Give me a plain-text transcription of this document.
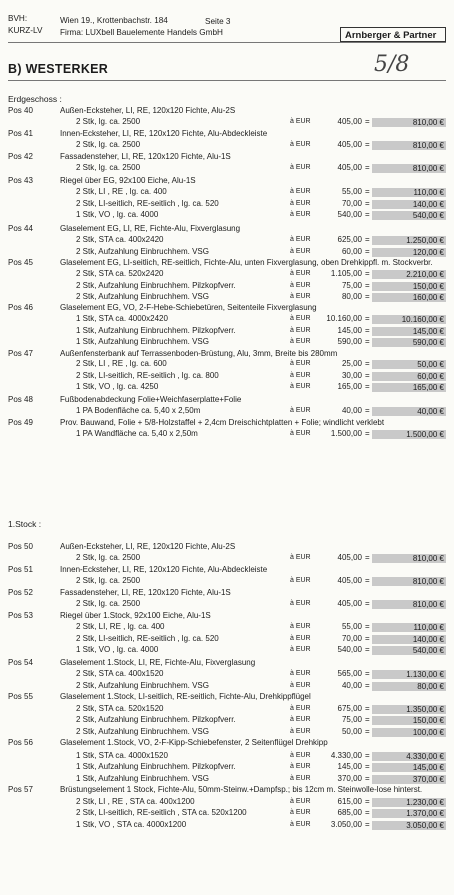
BVH:	Wien 19., Krottenbachstr. 184	Seite 3
KURZ-LV Firma: LUXbell Bauelemente Handels GmbH	Arnberger & Partner
B) WESTERKER	5/8
Erdgeschoss :
1.Stock :
Pos 40	Außen-Ecksteher, LI, RE, 120x120 Fichte, Alu-2S
2 Stk, lg. ca. 2500	à EUR	405,00 =	810,00 €
Pos 41	Innen-Ecksteher, LI, RE, 120x120 Fichte, Alu-Abdeckleiste
2 Stk, lg. ca. 2500	à EUR	405,00 =	810,00 €
Pos 42	Fassadensteher, LI, RE, 120x120 Fichte, Alu-1S
2 Stk, lg. ca. 2500	à EUR	405,00 =	810,00 €
Pos 43	Riegel über EG, 92x100 Eiche, Alu-1S
2 Stk, LI , RE , lg. ca. 400	à EUR	55,00 =	110,00 €
2 Stk, LI-seitlich, RE-seitlich , lg. ca. 520	à EUR	70,00 =	140,00 €
1 Stk, VO , lg. ca. 4000	à EUR	540,00 =	540,00 €
Pos 44	Glaselement EG, LI, RE, Fichte-Alu, Fixverglasung
2 Stk, STA ca. 400x2420	à EUR	625,00 =	1.250,00 €
2 Stk, Aufzahlung Einbruchhem. VSG	à EUR	60,00 =	120,00 €
Pos 45	Glaselement EG, LI-seitlich, RE-seitlich, Fichte-Alu, unten Fixverglasung, oben Drehkippfl. m. Stockverbr.
2 Stk, STA ca. 520x2420	à EUR	1.105,00 =	2.210,00 €
2 Stk, Aufzahlung Einbruchhem. Pilzkopfverr.	à EUR	75,00 =	150,00 €
2 Stk, Aufzahlung Einbruchhem. VSG	à EUR	80,00 =	160,00 €
Pos 46	Glaselement EG, VO, 2-F-Hebe-Schiebetüren, Seitenteile Fixverglasung
1 Stk, STA ca. 4000x2420	à EUR	10.160,00 =	10.160,00 €
1 Stk, Aufzahlung Einbruchhem. Pilzkopfverr.	à EUR	145,00 =	145,00 €
1 Stk, Aufzahlung Einbruchhem. VSG	à EUR	590,00 =	590,00 €
Pos 47	Außenfensterbank auf Terrassenboden-Brüstung, Alu, 3mm, Breite bis 280mm
2 Stk, LI , RE , lg. ca. 600	à EUR	25,00 =	50,00 €
2 Stk, LI-seitlich, RE-seitlich , lg. ca. 800	à EUR	30,00 =	60,00 €
1 Stk, VO , lg. ca. 4250	à EUR	165,00 =	165,00 €
Pos 48	Fußbodenabdeckung Folie+Weichfaserplatte+Folie
1 PA Bodenfläche ca. 5,40 x 2,50m	à EUR	40,00 =	40,00 €
Pos 49	Prov. Bauwand, Folie + 5/8-Holzstaffel + 2,4cm Dreischichtplatten + Folie; windlicht verklebt
1 PA Wandfläche ca. 5,40 x 2,50m	à EUR	1.500,00 =	1.500,00 €
Pos 50	Außen-Ecksteher, LI, RE, 120x120 Fichte, Alu-2S
2 Stk, lg. ca. 2500	à EUR	405,00 =	810,00 €
Pos 51	Innen-Ecksteher, LI, RE, 120x120 Fichte, Alu-Abdeckleiste
2 Stk, lg. ca. 2500	à EUR	405,00 =	810,00 €
Pos 52	Fassadensteher, LI, RE, 120x120 Fichte, Alu-1S
2 Stk, lg. ca. 2500	à EUR	405,00 =	810,00 €
Pos 53	Riegel über 1.Stock, 92x100 Eiche, Alu-1S
2 Stk, LI, RE , lg. ca. 400	à EUR	55,00 =	110,00 €
2 Stk, LI-seitlich, RE-seitlich , lg. ca. 520	à EUR	70,00 =	140,00 €
1 Stk, VO , lg. ca. 4000	à EUR	540,00 =	540,00 €
Pos 54	Glaselement 1.Stock, LI, RE, Fichte-Alu, Fixverglasung
2 Stk, STA ca. 400x1520	à EUR	565,00 =	1.130,00 €
2 Stk, Aufzahlung Einbruchhem. VSG	à EUR	40,00 =	80,00 €
Pos 55	Glaselement 1.Stock, LI-seitlich, RE-seitlich, Fichte-Alu, Drehkippflügel
2 Stk, STA ca. 520x1520	à EUR	675,00 =	1.350,00 €
2 Stk, Aufzahlung Einbruchhem. Pilzkopfverr.	à EUR	75,00 =	150,00 €
2 Stk, Aufzahlung Einbruchhem. VSG	à EUR	50,00 =	100,00 €
Pos 56	Glaselement 1.Stock, VO, 2-F-Kipp-Schiebefenster, 2 Seitenflügel Drehkipp
1 Stk, STA ca. 4000x1520	à EUR	4.330,00 =	4.330,00 €
1 Stk, Aufzahlung Einbruchhem. Pilzkopfverr.	à EUR	145,00 =	145,00 €
1 Stk, Aufzahlung Einbruchhem. VSG	à EUR	370,00 =	370,00 €
Pos 57	Brüstungselement 1 Stock, Fichte-Alu, 50mm-Steinw.+Dampfsp.; bis 12cm m. Steinwolle-lose hinterst.
2 Stk, LI , RE , STA ca. 400x1200	à EUR	615,00 =	1.230,00 €
2 Stk, LI-seitlich, RE-seitlich , STA ca. 520x1200	à EUR	685,00 =	1.370,00 €
1 Stk, VO , STA ca. 4000x1200	à EUR	3.050,00 =	3.050,00 €
